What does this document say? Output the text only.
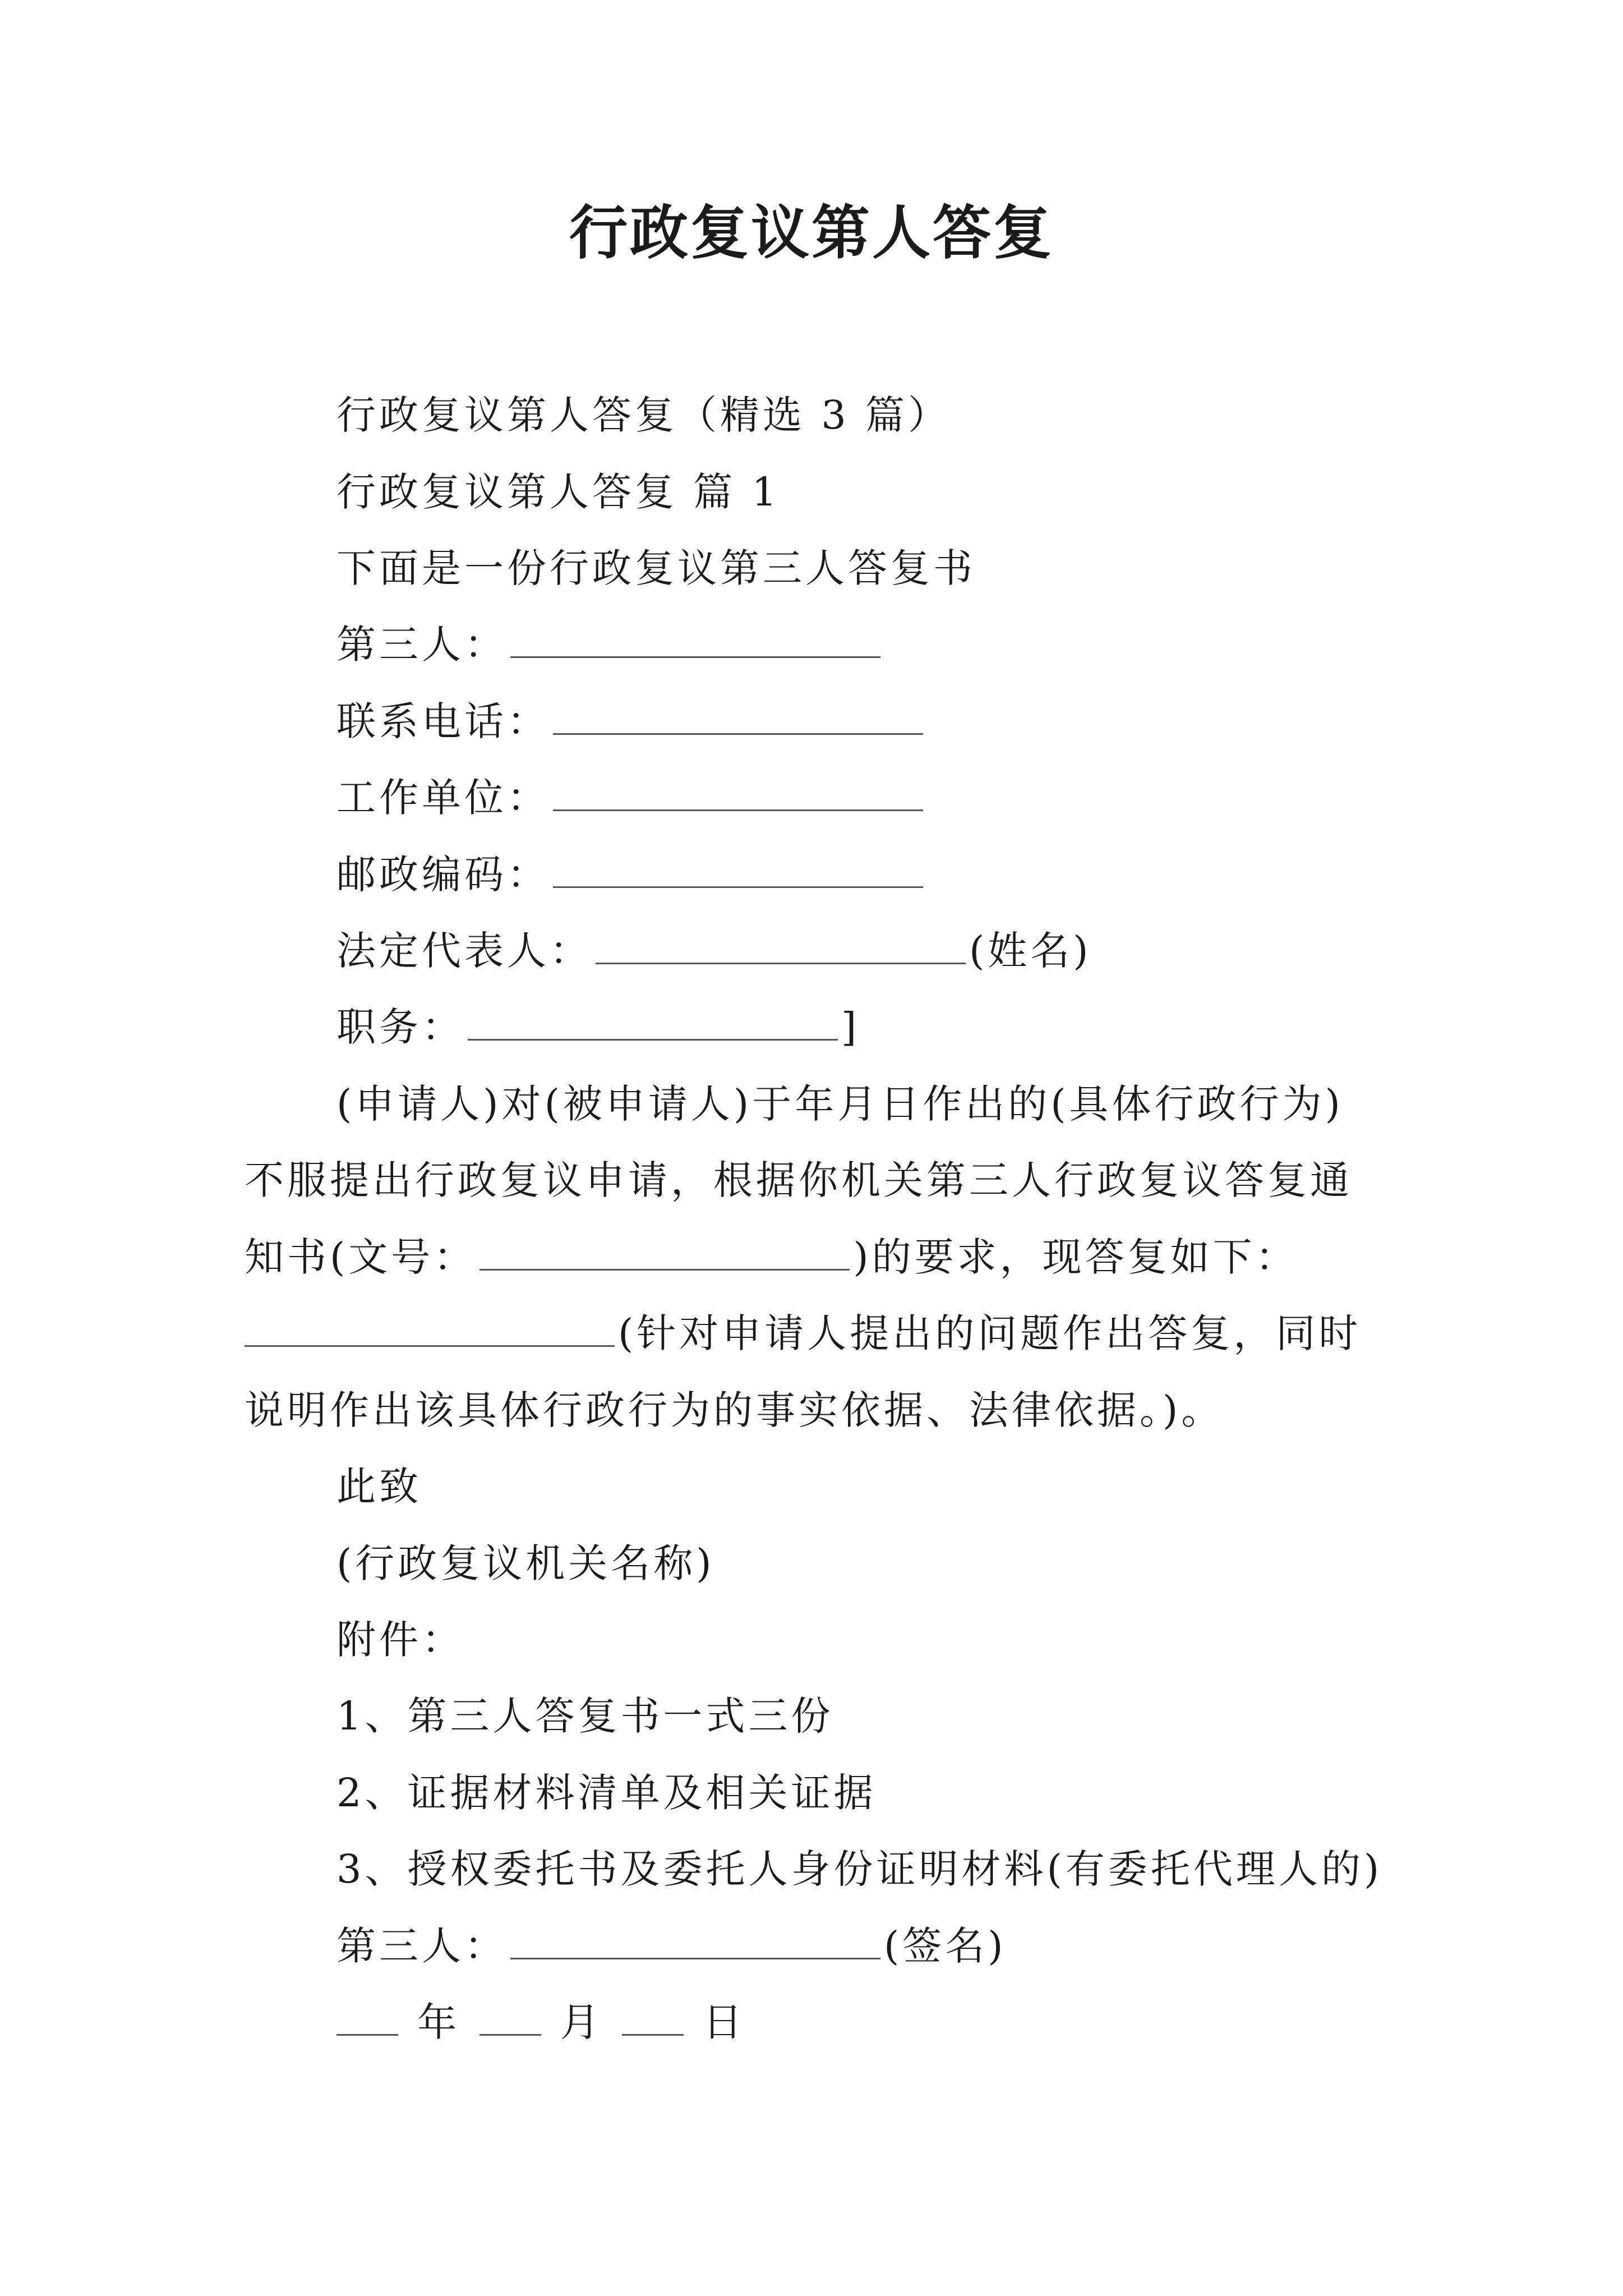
行政复议第人答复
行政复议第人答复（精选 3 篇）
行政复议第人答复 篇 1
下面是一份行政复议第三人答复书
第三人：
联系电话：
工作单位：
邮政编码：
法定代表人：	(姓名)
职务：	]
(申请人)对(被申请人)于年月日作出的(具体行政行为)
不服提出行政复议申请，根据你机关第三人行政复议答复通
知书(文号：	)的要求，现答复如下：
(针对申请人提出的问题作出答复，同时
说明作出该具体行政行为的事实依据、法律依据。)。
此致
(行政复议机关名称)
附件：
1、第三人答复书一式三份
2、证据材料清单及相关证据
3、授权委托书及委托人身份证明材料(有委托代理人的)
第三人：	(签名)
年	月	日
